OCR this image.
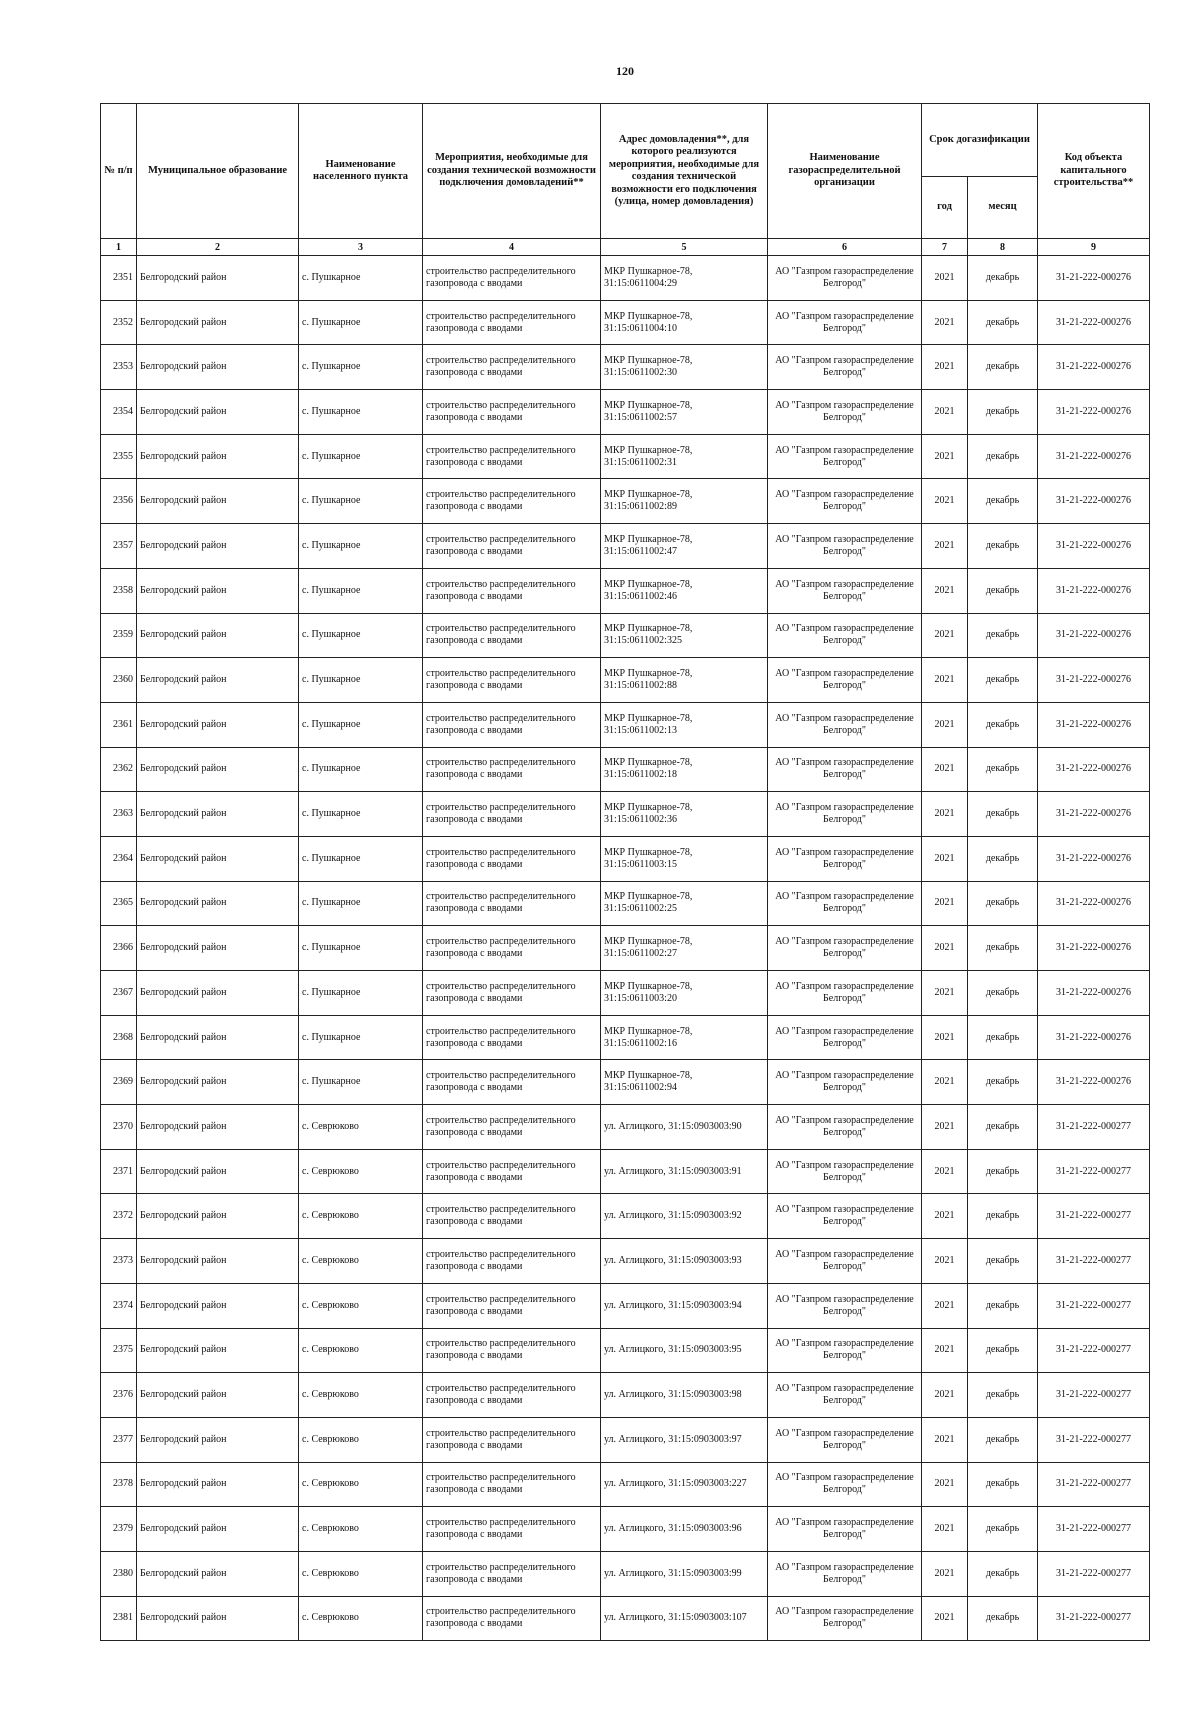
120
№ п/п	Муниципальное образование	Наименование населенного пункта	Мероприятия, необходимые для создания технической возможности подключения домовладений**	Адрес домовладения**, для которого реализуются мероприятия, необходимые для создания технической возможности его подключения (улица, номер домовладения)	Наименование газораспределительной организации	Срок догазификации		Код объекта капитального строительства**
						год	месяц	
1	2	3	4	5	6	7	8	9
2351	Белгородский район	с. Пушкарное	строительство распределительного газопровода с вводами	МКР Пушкарное-78, 31:15:0611004:29	АО "Газпром газораспределение Белгород"	2021	декабрь	31-21-222-000276
2352	Белгородский район	с. Пушкарное	строительство распределительного газопровода с вводами	МКР Пушкарное-78, 31:15:0611004:10	АО "Газпром газораспределение Белгород"	2021	декабрь	31-21-222-000276
2353	Белгородский район	с. Пушкарное	строительство распределительного газопровода с вводами	МКР Пушкарное-78, 31:15:0611002:30	АО "Газпром газораспределение Белгород"	2021	декабрь	31-21-222-000276
2354	Белгородский район	с. Пушкарное	строительство распределительного газопровода с вводами	МКР Пушкарное-78, 31:15:0611002:57	АО "Газпром газораспределение Белгород"	2021	декабрь	31-21-222-000276
2355	Белгородский район	с. Пушкарное	строительство распределительного газопровода с вводами	МКР Пушкарное-78, 31:15:0611002:31	АО "Газпром газораспределение Белгород"	2021	декабрь	31-21-222-000276
2356	Белгородский район	с. Пушкарное	строительство распределительного газопровода с вводами	МКР Пушкарное-78, 31:15:0611002:89	АО "Газпром газораспределение Белгород"	2021	декабрь	31-21-222-000276
2357	Белгородский район	с. Пушкарное	строительство распределительного газопровода с вводами	МКР Пушкарное-78, 31:15:0611002:47	АО "Газпром газораспределение Белгород"	2021	декабрь	31-21-222-000276
2358	Белгородский район	с. Пушкарное	строительство распределительного газопровода с вводами	МКР Пушкарное-78, 31:15:0611002:46	АО "Газпром газораспределение Белгород"	2021	декабрь	31-21-222-000276
2359	Белгородский район	с. Пушкарное	строительство распределительного газопровода с вводами	МКР Пушкарное-78, 31:15:0611002:325	АО "Газпром газораспределение Белгород"	2021	декабрь	31-21-222-000276
2360	Белгородский район	с. Пушкарное	строительство распределительного газопровода с вводами	МКР Пушкарное-78, 31:15:0611002:88	АО "Газпром газораспределение Белгород"	2021	декабрь	31-21-222-000276
2361	Белгородский район	с. Пушкарное	строительство распределительного газопровода с вводами	МКР Пушкарное-78, 31:15:0611002:13	АО "Газпром газораспределение Белгород"	2021	декабрь	31-21-222-000276
2362	Белгородский район	с. Пушкарное	строительство распределительного газопровода с вводами	МКР Пушкарное-78, 31:15:0611002:18	АО "Газпром газораспределение Белгород"	2021	декабрь	31-21-222-000276
2363	Белгородский район	с. Пушкарное	строительство распределительного газопровода с вводами	МКР Пушкарное-78, 31:15:0611002:36	АО "Газпром газораспределение Белгород"	2021	декабрь	31-21-222-000276
2364	Белгородский район	с. Пушкарное	строительство распределительного газопровода с вводами	МКР Пушкарное-78, 31:15:0611003:15	АО "Газпром газораспределение Белгород"	2021	декабрь	31-21-222-000276
2365	Белгородский район	с. Пушкарное	строительство распределительного газопровода с вводами	МКР Пушкарное-78, 31:15:0611002:25	АО "Газпром газораспределение Белгород"	2021	декабрь	31-21-222-000276
2366	Белгородский район	с. Пушкарное	строительство распределительного газопровода с вводами	МКР Пушкарное-78, 31:15:0611002:27	АО "Газпром газораспределение Белгород"	2021	декабрь	31-21-222-000276
2367	Белгородский район	с. Пушкарное	строительство распределительного газопровода с вводами	МКР Пушкарное-78, 31:15:0611003:20	АО "Газпром газораспределение Белгород"	2021	декабрь	31-21-222-000276
2368	Белгородский район	с. Пушкарное	строительство распределительного газопровода с вводами	МКР Пушкарное-78, 31:15:0611002:16	АО "Газпром газораспределение Белгород"	2021	декабрь	31-21-222-000276
2369	Белгородский район	с. Пушкарное	строительство распределительного газопровода с вводами	МКР Пушкарное-78, 31:15:0611002:94	АО "Газпром газораспределение Белгород"	2021	декабрь	31-21-222-000276
2370	Белгородский район	с. Севрюково	строительство распределительного газопровода с вводами	ул. Аглицкого, 31:15:0903003:90	АО "Газпром газораспределение Белгород"	2021	декабрь	31-21-222-000277
2371	Белгородский район	с. Севрюково	строительство распределительного газопровода с вводами	ул. Аглицкого, 31:15:0903003:91	АО "Газпром газораспределение Белгород"	2021	декабрь	31-21-222-000277
2372	Белгородский район	с. Севрюково	строительство распределительного газопровода с вводами	ул. Аглицкого, 31:15:0903003:92	АО "Газпром газораспределение Белгород"	2021	декабрь	31-21-222-000277
2373	Белгородский район	с. Севрюково	строительство распределительного газопровода с вводами	ул. Аглицкого, 31:15:0903003:93	АО "Газпром газораспределение Белгород"	2021	декабрь	31-21-222-000277
2374	Белгородский район	с. Севрюково	строительство распределительного газопровода с вводами	ул. Аглицкого, 31:15:0903003:94	АО "Газпром газораспределение Белгород"	2021	декабрь	31-21-222-000277
2375	Белгородский район	с. Севрюково	строительство распределительного газопровода с вводами	ул. Аглицкого, 31:15:0903003:95	АО "Газпром газораспределение Белгород"	2021	декабрь	31-21-222-000277
2376	Белгородский район	с. Севрюково	строительство распределительного газопровода с вводами	ул. Аглицкого, 31:15:0903003:98	АО "Газпром газораспределение Белгород"	2021	декабрь	31-21-222-000277
2377	Белгородский район	с. Севрюково	строительство распределительного газопровода с вводами	ул. Аглицкого, 31:15:0903003:97	АО "Газпром газораспределение Белгород"	2021	декабрь	31-21-222-000277
2378	Белгородский район	с. Севрюково	строительство распределительного газопровода с вводами	ул. Аглицкого, 31:15:0903003:227	АО "Газпром газораспределение Белгород"	2021	декабрь	31-21-222-000277
2379	Белгородский район	с. Севрюково	строительство распределительного газопровода с вводами	ул. Аглицкого, 31:15:0903003:96	АО "Газпром газораспределение Белгород"	2021	декабрь	31-21-222-000277
2380	Белгородский район	с. Севрюково	строительство распределительного газопровода с вводами	ул. Аглицкого, 31:15:0903003:99	АО "Газпром газораспределение Белгород"	2021	декабрь	31-21-222-000277
2381	Белгородский район	с. Севрюково	строительство распределительного газопровода с вводами	ул. Аглицкого, 31:15:0903003:107	АО "Газпром газораспределение Белгород"	2021	декабрь	31-21-222-000277
